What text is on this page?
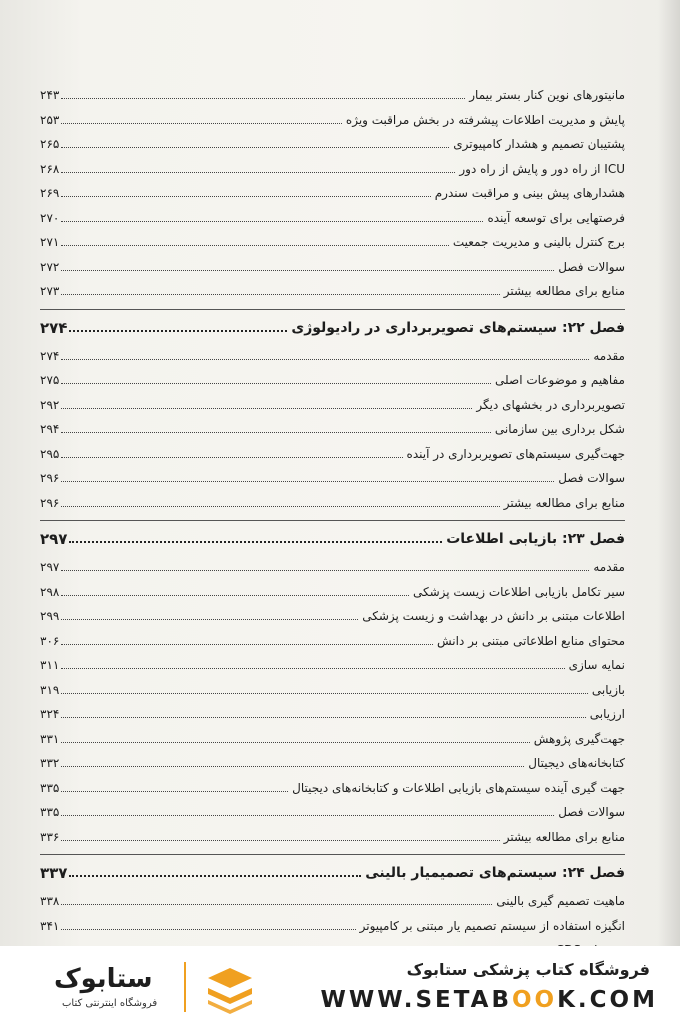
مانیتورهای نوین کنار بستر بیمار
۲۴۳
پایش و مدیریت اطلاعات پیشرفته در بخش مراقبت ویژه
۲۵۳
پشتیبان تصمیم و هشدار کامپیوتری
۲۶۵
ICU از راه دور و پایش از راه دور
۲۶۸
هشدارهای پیش بینی و مراقبت سندرم
۲۶۹
فرصتهایی برای توسعه آینده
۲۷۰
برج کنترل بالینی و مدیریت جمعیت
۲۷۱
سوالات فصل
۲۷۲
منابع برای مطالعه بیشتر
۲۷۳
فصل ۲۲: سیستم‌های تصویربرداری در رادیولوژی
۲۷۴
مقدمه
۲۷۴
مفاهیم و موضوعات اصلی
۲۷۵
تصویربرداری در بخشهای دیگر
۲۹۲
شکل برداری بین سازمانی
۲۹۴
جهت‌گیری سیستم‌های تصویربرداری در آینده
۲۹۵
سوالات فصل
۲۹۶
منابع برای مطالعه بیشتر
۲۹۶
فصل ۲۳: بازیابی اطلاعات
۲۹۷
مقدمه
۲۹۷
سیر تکامل بازیابی اطلاعات زیست پزشکی
۲۹۸
اطلاعات مبتنی بر دانش در بهداشت و زیست پزشکی
۲۹۹
محتوای منابع اطلاعاتی مبتنی بر دانش
۳۰۶
نمایه سازی
۳۱۱
بازیابی
۳۱۹
ارزیابی
۳۲۴
جهت‌گیری پژوهش
۳۳۱
کتابخانه‌های دیجیتال
۳۳۲
جهت گیری آینده سیستم‌های بازیابی اطلاعات و کتابخانه‌های دیجیتال
۳۳۵
سوالات فصل
۳۳۵
منابع برای مطالعه بیشتر
۳۳۶
فصل ۲۴: سیستم‌های تصمیمیار بالینی
۳۳۷
ماهیت تصمیم گیری بالینی
۳۳۸
انگیزه استفاده از سیستم تصمیم یار مبتنی بر کامپیوتر
۳۴۱
ستابوک
فروشگاه اینترنتی کتاب
فروشگاه کتاب پزشکی ستابوک
WWW.SETABOOK.COM
